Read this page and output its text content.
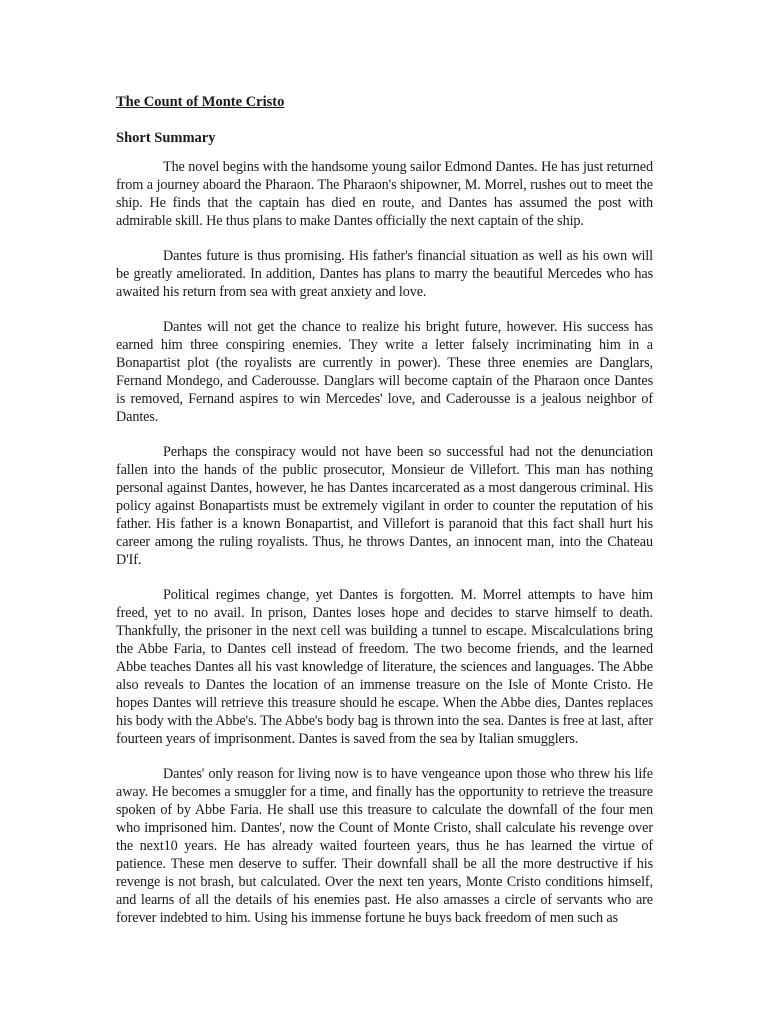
The Count of Monte Cristo

Short Summary

The novel begins with the handsome young sailor Edmond Dantes. He has just returned from a journey aboard the Pharaon. The Pharaon's shipowner, M. Morrel, rushes out to meet the ship. He finds that the captain has died en route, and Dantes has assumed the post with admirable skill. He thus plans to make Dantes officially the next captain of the ship.

Dantes future is thus promising. His father's financial situation as well as his own will be greatly ameliorated. In addition, Dantes has plans to marry the beautiful Mercedes who has awaited his return from sea with great anxiety and love.

Dantes will not get the chance to realize his bright future, however. His success has earned him three conspiring enemies. They write a letter falsely incriminating him in a Bonapartist plot (the royalists are currently in power). These three enemies are Danglars, Fernand Mondego, and Caderousse. Danglars will become captain of the Pharaon once Dantes is removed, Fernand aspires to win Mercedes' love, and Caderousse is a jealous neighbor of Dantes.

Perhaps the conspiracy would not have been so successful had not the denunciation fallen into the hands of the public prosecutor, Monsieur de Villefort. This man has nothing personal against Dantes, however, he has Dantes incarcerated as a most dangerous criminal. His policy against Bonapartists must be extremely vigilant in order to counter the reputation of his father. His father is a known Bonapartist, and Villefort is paranoid that this fact shall hurt his career among the ruling royalists. Thus, he throws Dantes, an innocent man, into the Chateau D'If.

Political regimes change, yet Dantes is forgotten. M. Morrel attempts to have him freed, yet to no avail. In prison, Dantes loses hope and decides to starve himself to death. Thankfully, the prisoner in the next cell was building a tunnel to escape. Miscalculations bring the Abbe Faria, to Dantes cell instead of freedom. The two become friends, and the learned Abbe teaches Dantes all his vast knowledge of literature, the sciences and languages. The Abbe also reveals to Dantes the location of an immense treasure on the Isle of Monte Cristo. He hopes Dantes will retrieve this treasure should he escape. When the Abbe dies, Dantes replaces his body with the Abbe's. The Abbe's body bag is thrown into the sea. Dantes is free at last, after fourteen years of imprisonment. Dantes is saved from the sea by Italian smugglers.

Dantes' only reason for living now is to have vengeance upon those who threw his life away. He becomes a smuggler for a time, and finally has the opportunity to retrieve the treasure spoken of by Abbe Faria. He shall use this treasure to calculate the downfall of the four men who imprisoned him. Dantes', now the Count of Monte Cristo, shall calculate his revenge over the next10 years. He has already waited fourteen years, thus he has learned the virtue of patience. These men deserve to suffer. Their downfall shall be all the more destructive if his revenge is not brash, but calculated. Over the next ten years, Monte Cristo conditions himself, and learns of all the details of his enemies past. He also amasses a circle of servants who are forever indebted to him. Using his immense fortune he buys back freedom of men such as
